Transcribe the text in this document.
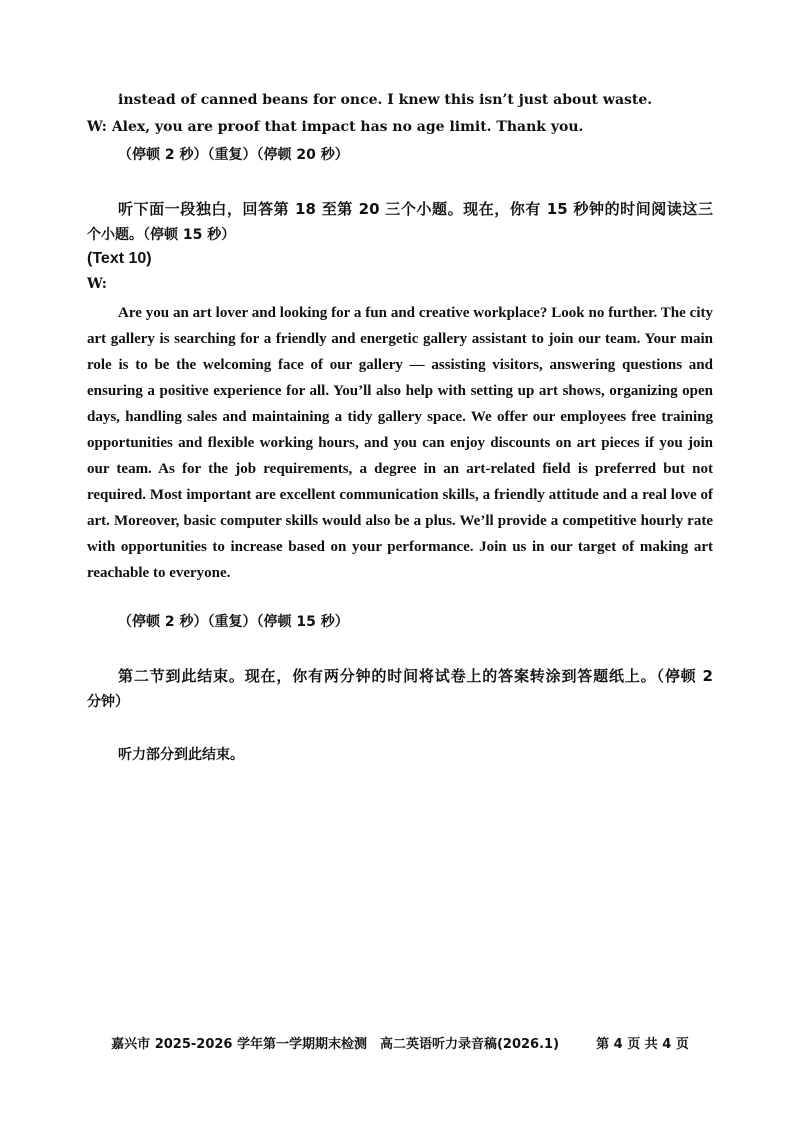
instead of canned beans for once. I knew this isn’t just about waste.
W: Alex, you are proof that impact has no age limit. Thank you.
（停顿 2 秒）（重复）（停顿 20 秒）
听下面一段独白，回答第 18 至第 20 三个小题。现在，你有 15 秒钟的时间阅读这三
个小题。（停顿 15 秒）
(Text 10)
W:

Are you an art lover and looking for a fun and creative workplace? Look no further. The city art gallery is searching for a friendly and energetic gallery assistant to join our team. Your main role is to be the welcoming face of our gallery — assisting visitors, answering questions and ensuring a positive experience for all. You’ll also help with setting up art shows, organizing open days, handling sales and maintaining a tidy gallery space. We offer our employees free training opportunities and flexible working hours, and you can enjoy discounts on art pieces if you join our team. As for the job requirements, a degree in an art-related field is preferred but not required. Most important are excellent communication skills, a friendly attitude and a real love of art. Moreover, basic computer skills would also be a plus. We’ll provide a competitive hourly rate with opportunities to increase based on your performance. Join us in our target of making art reachable to everyone.

（停顿 2 秒）（重复）（停顿 15 秒）
第二节到此结束。现在，你有两分钟的时间将试卷上的答案转涂到答题纸上。（停顿 2
分钟）
听力部分到此结束。
嘉兴市 2025-2026 学年第一学期期末检测　高二英语听力录音稿(2026.1)	第 4 页 共 4 页
